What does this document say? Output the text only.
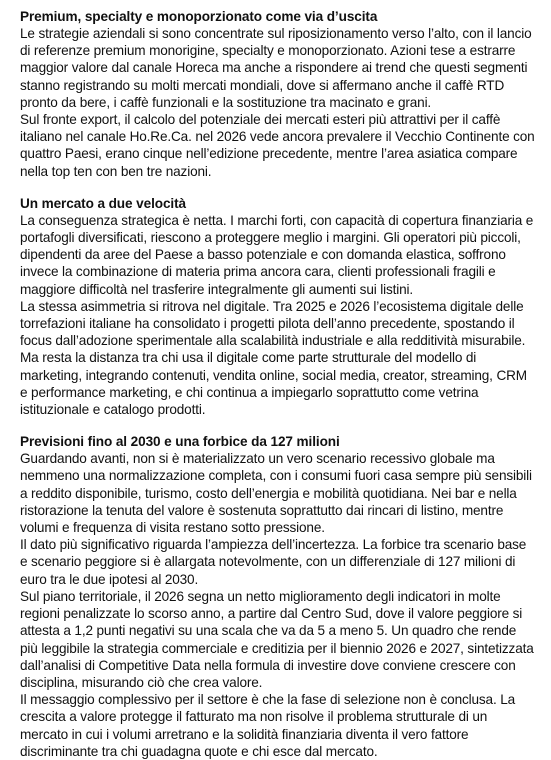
Premium, specialty e monoporzionato come via d’uscita

Le strategie aziendali si sono concentrate sul riposizionamento verso l’alto, con il lancio di referenze premium monorigine, specialty e monoporzionato. Azioni tese a estrarre maggior valore dal canale Horeca ma anche a rispondere ai trend che questi segmenti stanno registrando su molti mercati mondiali, dove si affermano anche il caffè RTD pronto da bere, i caffè funzionali e la sostituzione tra macinato e grani.

Sul fronte export, il calcolo del potenziale dei mercati esteri più attrattivi per il caffè italiano nel canale Ho.Re.Ca. nel 2026 vede ancora prevalere il Vecchio Continente con quattro Paesi, erano cinque nell’edizione precedente, mentre l’area asiatica compare nella top ten con ben tre nazioni.

Un mercato a due velocità

La conseguenza strategica è netta. I marchi forti, con capacità di copertura finanziaria e portafogli diversificati, riescono a proteggere meglio i margini. Gli operatori più piccoli, dipendenti da aree del Paese a basso potenziale e con domanda elastica, soffrono invece la combinazione di materia prima ancora cara, clienti professionali fragili e maggiore difficoltà nel trasferire integralmente gli aumenti sui listini.

La stessa asimmetria si ritrova nel digitale. Tra 2025 e 2026 l’ecosistema digitale delle torrefazioni italiane ha consolidato i progetti pilota dell’anno precedente, spostando il focus dall’adozione sperimentale alla scalabilità industriale e alla redditività misurabile. Ma resta la distanza tra chi usa il digitale come parte strutturale del modello di marketing, integrando contenuti, vendita online, social media, creator, streaming, CRM e performance marketing, e chi continua a impiegarlo soprattutto come vetrina istituzionale e catalogo prodotti.

Previsioni fino al 2030 e una forbice da 127 milioni

Guardando avanti, non si è materializzato un vero scenario recessivo globale ma nemmeno una normalizzazione completa, con i consumi fuori casa sempre più sensibili a reddito disponibile, turismo, costo dell’energia e mobilità quotidiana. Nei bar e nella ristorazione la tenuta del valore è sostenuta soprattutto dai rincari di listino, mentre volumi e frequenza di visita restano sotto pressione.

Il dato più significativo riguarda l’ampiezza dell’incertezza. La forbice tra scenario base e scenario peggiore si è allargata notevolmente, con un differenziale di 127 milioni di euro tra le due ipotesi al 2030.

Sul piano territoriale, il 2026 segna un netto miglioramento degli indicatori in molte regioni penalizzate lo scorso anno, a partire dal Centro Sud, dove il valore peggiore si attesta a 1,2 punti negativi su una scala che va da 5 a meno 5. Un quadro che rende più leggibile la strategia commerciale e creditizia per il biennio 2026 e 2027, sintetizzata dall’analisi di Competitive Data nella formula di investire dove conviene crescere con disciplina, misurando ciò che crea valore.

Il messaggio complessivo per il settore è che la fase di selezione non è conclusa. La crescita a valore protegge il fatturato ma non risolve il problema strutturale di un mercato in cui i volumi arretrano e la solidità finanziaria diventa il vero fattore discriminante tra chi guadagna quote e chi esce dal mercato.
